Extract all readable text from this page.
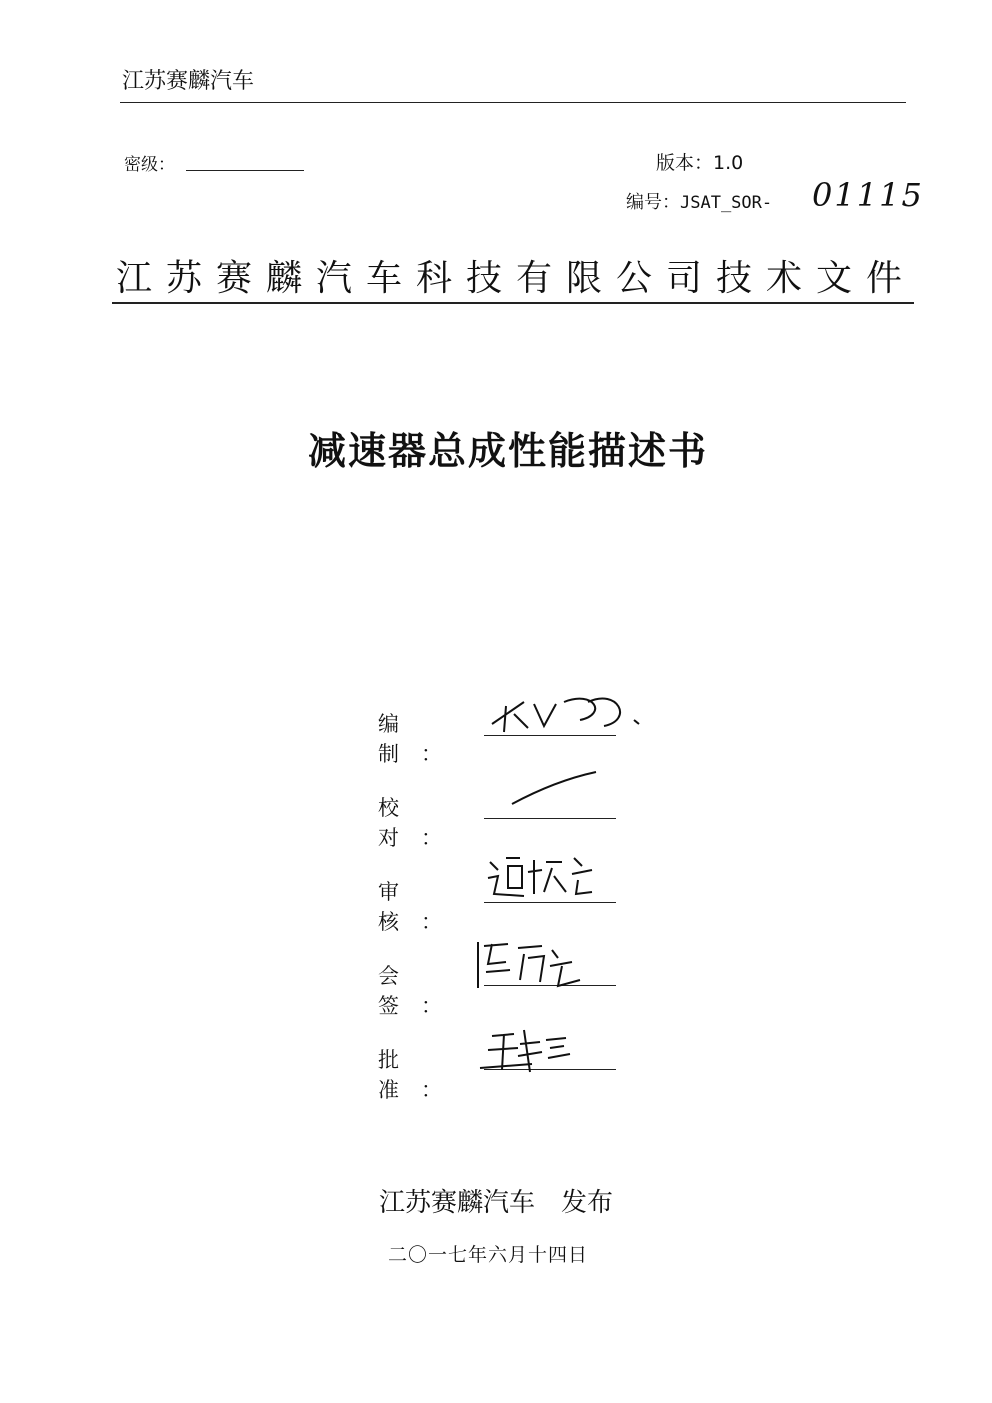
江苏赛麟汽车
密级：	版本：1.0
编号：JSAT_SOR- 01115
江苏赛麟汽车科技有限公司技术文件
减速器总成性能描述书
编 制：
校 对：
审 核：
会 签：
批 准：
江苏赛麟汽车　发布
二〇一七年六月十四日
